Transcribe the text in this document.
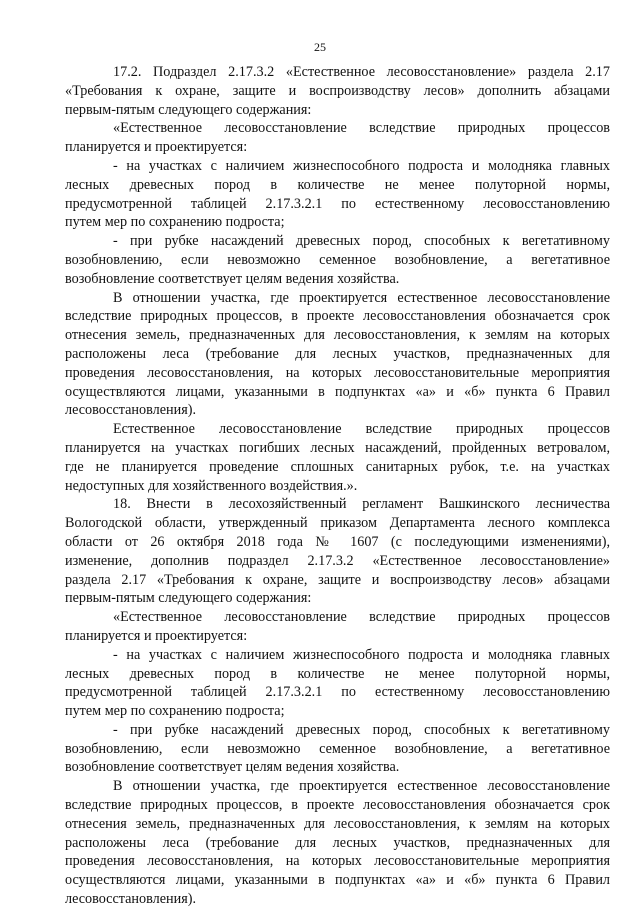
25
17.2. Подраздел 2.17.3.2 «Естественное лесовосстановление» раздела 2.17
«Требования к охране, защите и воспроизводству лесов» дополнить абзацами
первым-пятым следующего содержания:
«Естественное лесовосстановление вследствие природных процессов
планируется и проектируется:
- на участках с наличием жизнеспособного подроста и молодняка главных
лесных древесных пород в количестве не менее полуторной нормы,
предусмотренной таблицей 2.17.3.2.1 по естественному лесовосстановлению
путем мер по сохранению подроста;
- при рубке насаждений древесных пород, способных к вегетативному
возобновлению, если невозможно семенное возобновление, а вегетативное
возобновление соответствует целям ведения хозяйства.
В отношении участка, где проектируется естественное лесовосстановление
вследствие природных процессов, в проекте лесовосстановления обозначается срок
отнесения земель, предназначенных для лесовосстановления, к землям на которых
расположены леса (требование для лесных участков, предназначенных для
проведения лесовосстановления, на которых лесовосстановительные мероприятия
осуществляются лицами, указанными в подпунктах «а» и «б» пункта 6 Правил
лесовосстановления).
Естественное лесовосстановление вследствие природных процессов
планируется на участках погибших лесных насаждений, пройденных ветровалом,
где не планируется проведение сплошных санитарных рубок, т.е. на участках
недоступных для хозяйственного воздействия.».
18. Внести в лесохозяйственный регламент Вашкинского лесничества
Вологодской области, утвержденный приказом Департамента лесного комплекса
области от 26 октября 2018 года № 1607 (с последующими изменениями),
изменение, дополнив подраздел 2.17.3.2 «Естественное лесовосстановление»
раздела 2.17 «Требования к охране, защите и воспроизводству лесов» абзацами
первым-пятым следующего содержания:
«Естественное лесовосстановление вследствие природных процессов
планируется и проектируется:
- на участках с наличием жизнеспособного подроста и молодняка главных
лесных древесных пород в количестве не менее полуторной нормы,
предусмотренной таблицей 2.17.3.2.1 по естественному лесовосстановлению
путем мер по сохранению подроста;
- при рубке насаждений древесных пород, способных к вегетативному
возобновлению, если невозможно семенное возобновление, а вегетативное
возобновление соответствует целям ведения хозяйства.
В отношении участка, где проектируется естественное лесовосстановление
вследствие природных процессов, в проекте лесовосстановления обозначается срок
отнесения земель, предназначенных для лесовосстановления, к землям на которых
расположены леса (требование для лесных участков, предназначенных для
проведения лесовосстановления, на которых лесовосстановительные мероприятия
осуществляются лицами, указанными в подпунктах «а» и «б» пункта 6 Правил
лесовосстановления).
